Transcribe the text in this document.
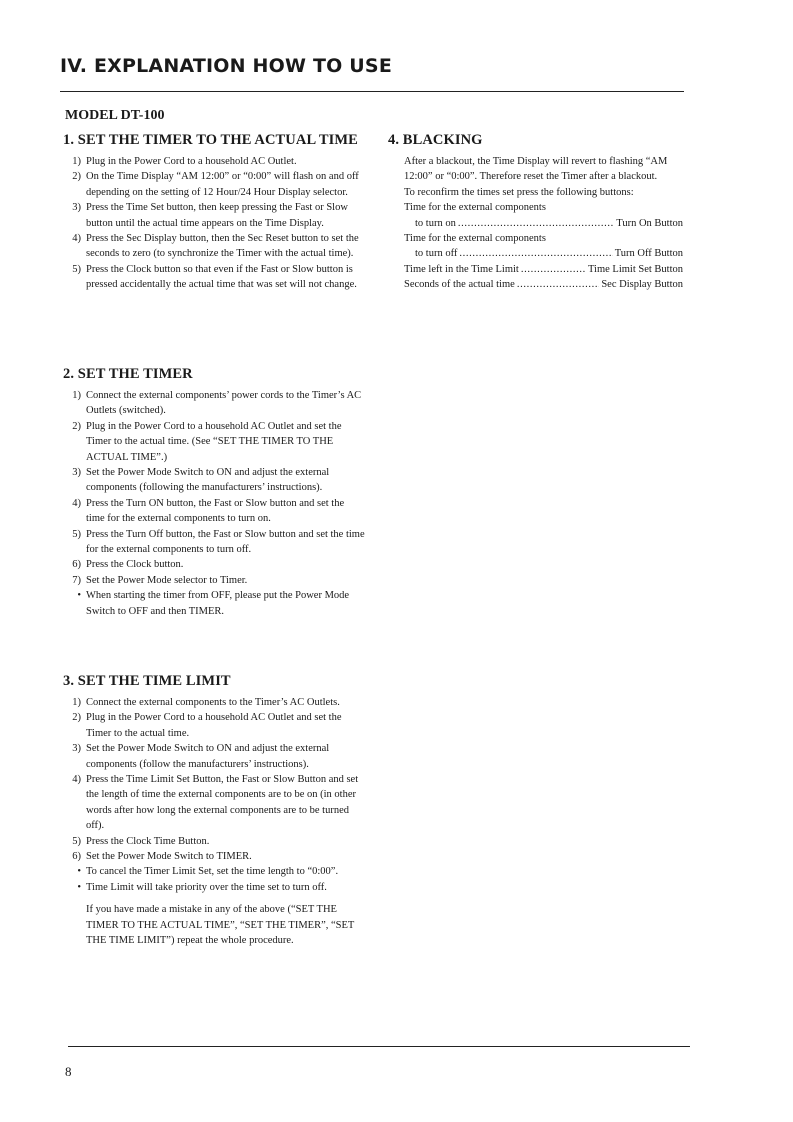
IV. EXPLANATION HOW TO USE
MODEL DT-100
1. SET THE TIMER TO THE ACTUAL TIME
1) Plug in the Power Cord to a household AC Outlet.
2) On the Time Display “AM 12:00” or “0:00” will flash on and off depending on the setting of 12 Hour/24 Hour Display selector.
3) Press the Time Set button, then keep pressing the Fast or Slow button until the actual time appears on the Time Display.
4) Press the Sec Display button, then the Sec Reset button to set the seconds to zero (to synchronize the Timer with the actual time).
5) Press the Clock button so that even if the Fast or Slow button is pressed accidentally the actual time that was set will not change.
2. SET THE TIMER
1) Connect the external components’ power cords to the Timer’s AC Outlets (switched).
2) Plug in the Power Cord to a household AC Outlet and set the Timer to the actual time. (See “SET THE TIMER TO THE ACTUAL TIME”.)
3) Set the Power Mode Switch to ON and adjust the external components (following the manufacturers’ instructions).
4) Press the Turn ON button, the Fast or Slow button and set the time for the external components to turn on.
5) Press the Turn Off button, the Fast or Slow button and set the time for the external components to turn off.
6) Press the Clock button.
7) Set the Power Mode selector to Timer.
• When starting the timer from OFF, please put the Power Mode Switch to OFF and then TIMER.
3. SET THE TIME LIMIT
1) Connect the external components to the Timer’s AC Outlets.
2) Plug in the Power Cord to a household AC Outlet and set the Timer to the actual time.
3) Set the Power Mode Switch to ON and adjust the external components (follow the manufacturers’ instructions).
4) Press the Time Limit Set Button, the Fast or Slow Button and set the length of time the external components are to be on (in other words after how long the external components are to be turned off).
5) Press the Clock Time Button.
6) Set the Power Mode Switch to TIMER.
• To cancel the Timer Limit Set, set the time length to “0:00”.
• Time Limit will take priority over the time set to turn off.

If you have made a mistake in any of the above (“SET THE TIMER TO THE ACTUAL TIME”, “SET THE TIMER”, “SET THE TIME LIMIT”) repeat the whole procedure.

4. BLACKING

After a blackout, the Time Display will revert to flashing “AM 12:00” or “0:00”. Therefore reset the Timer after a blackout.

To reconfirm the times set press the following buttons:

Time for the external components

to turn on . . .	Turn On Button

Time for the external components

to turn off . . .	Turn Off Button
Time left in the Time Limit . . .	Time Limit Set Button
Seconds of the actual time . . .	Sec Display Button
8
